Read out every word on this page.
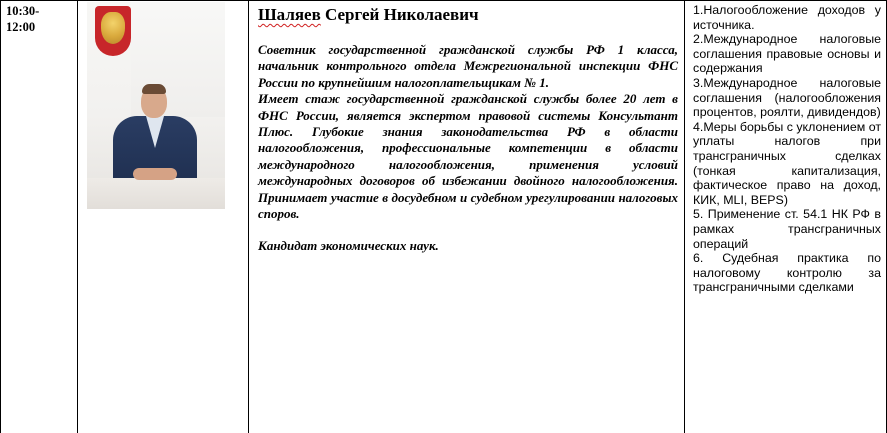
10:30-
12:00
Шаляев Сергей Николаевич

Советник государственной гражданской службы РФ 1 класса, начальник контрольного отдела Межрегиональной инспекции ФНС России по крупнейшим налогоплательщикам № 1.

Имеет стаж государственной гражданской службы более 20 лет в ФНС России, является экспертом правовой системы Консультант Плюс. Глубокие знания законодательства РФ в области налогообложения, профессиональные компетенции в области международного налогообложения, применения условий международных договоров об избежании двойного налогообложения. Принимает участие в досудебном и судебном урегулировании налоговых споров.

Кандидат экономических наук.

1.Налогообложение доходов у источника.
2.Международное налоговые соглашения правовые основы и содержания
3.Международное налоговые соглашения (налогообложения процентов, роялти, дивидендов)
4.Меры борьбы с уклонением от уплаты налогов при трансграничных сделках (тонкая капитализация, фактическое право на доход, КИК, MLI, BEPS)
5. Применение ст. 54.1 НК РФ в рамках трансграничных операций
6. Судебная практика по налоговому контролю за трансграничными сделками
